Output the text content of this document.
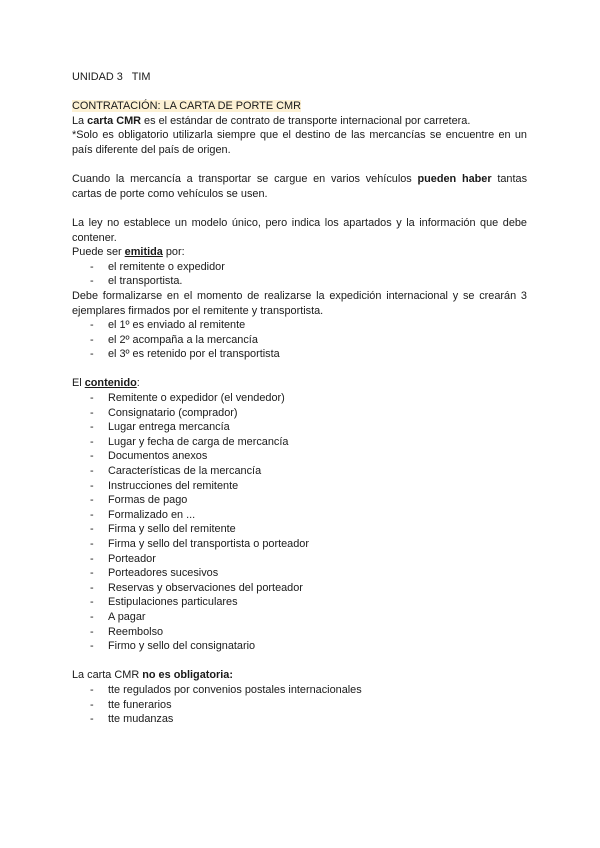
UNIDAD 3   TIM

CONTRATACIÓN: LA CARTA DE PORTE CMR

La carta CMR es el estándar de contrato de transporte internacional por carretera.

*Solo es obligatorio utilizarla siempre que el destino de las mercancías se encuentre en un país diferente del país de origen.

Cuando la mercancía a transportar se cargue en varios vehículos pueden haber tantas cartas de porte como vehículos se usen.

La ley no establece un modelo único, pero indica los apartados y la información que debe contener.

Puede ser emitida por:

- el remitente o expedidor
- el transportista.

Debe formalizarse en el momento de realizarse la expedición internacional y se crearán 3 ejemplares firmados por el remitente y transportista.

- el 1º es enviado al remitente
- el 2º acompaña a la mercancía
- el 3º es retenido por el transportista

El contenido:

- Remitente o expedidor (el vendedor)
- Consignatario (comprador)
- Lugar entrega mercancía
- Lugar y fecha de carga de mercancía
- Documentos anexos
- Características de la mercancía
- Instrucciones del remitente
- Formas de pago
- Formalizado en ...
- Firma y sello del remitente
- Firma y sello del transportista o porteador
- Porteador
- Porteadores sucesivos
- Reservas y observaciones del porteador
- Estipulaciones particulares
- A pagar
- Reembolso
- Firmo y sello del consignatario

La carta CMR no es obligatoria:

- tte regulados por convenios postales internacionales
- tte funerarios
- tte mudanzas
